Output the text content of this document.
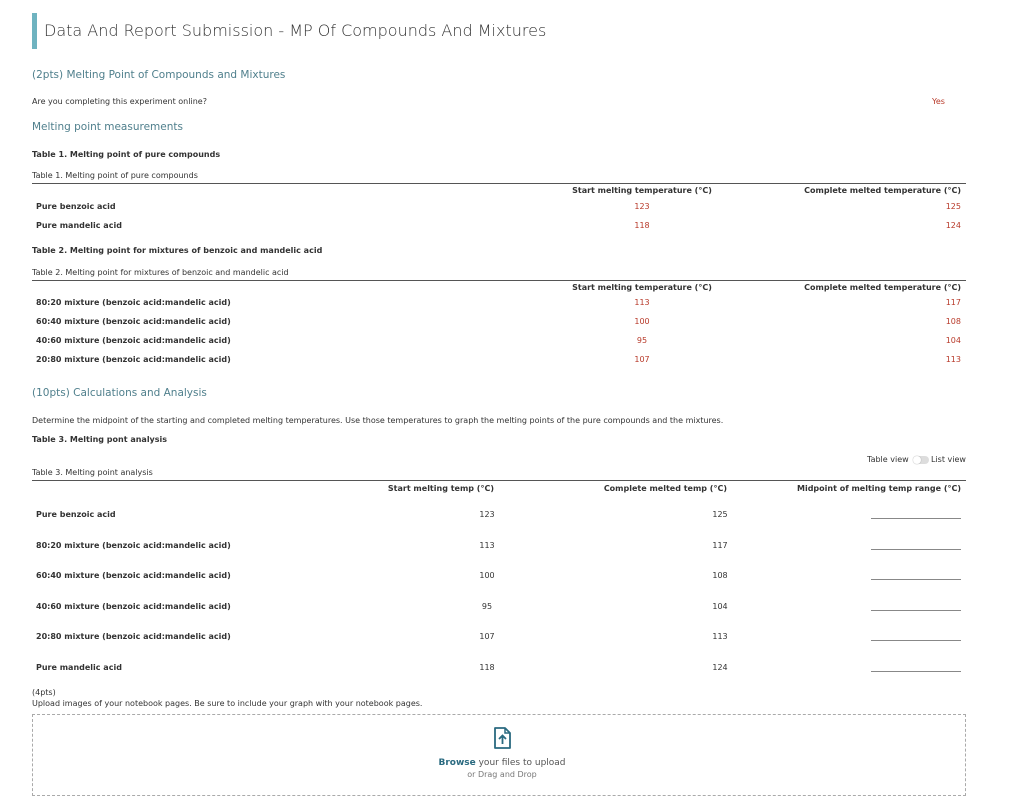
Data And Report Submission - MP Of Compounds And Mixtures
(2pts) Melting Point of Compounds and Mixtures
Are you completing this experiment online?	Yes
Melting point measurements
Table 1. Melting point of pure compounds
Table 1. Melting point of pure compounds
Start melting temperature (°C)	Complete melted temperature (°C)
Pure benzoic acid	123	125
Pure mandelic acid	118	124
Table 2. Melting point for mixtures of benzoic and mandelic acid
Table 2. Melting point for mixtures of benzoic and mandelic acid
Start melting temperature (°C)	Complete melted temperature (°C)
80:20 mixture (benzoic acid:mandelic acid)	113	117
60:40 mixture (benzoic acid:mandelic acid)	100	108
40:60 mixture (benzoic acid:mandelic acid)	95	104
20:80 mixture (benzoic acid:mandelic acid)	107	113
(10pts) Calculations and Analysis
Determine the midpoint of the starting and completed melting temperatures. Use those temperatures to graph the melting points of the pure compounds and the mixtures.
Table 3. Melting pont analysis
Table view	List view
Table 3. Melting point analysis
Start melting temp (°C)	Complete melted temp (°C)	Midpoint of melting temp range (°C)
Pure benzoic acid	123	125
80:20 mixture (benzoic acid:mandelic acid)	113	117
60:40 mixture (benzoic acid:mandelic acid)	100	108
40:60 mixture (benzoic acid:mandelic acid)	95	104
20:80 mixture (benzoic acid:mandelic acid)	107	113
Pure mandelic acid	118	124
(4pts)
Upload images of your notebook pages. Be sure to include your graph with your notebook pages.
Browse your files to upload
or Drag and Drop
